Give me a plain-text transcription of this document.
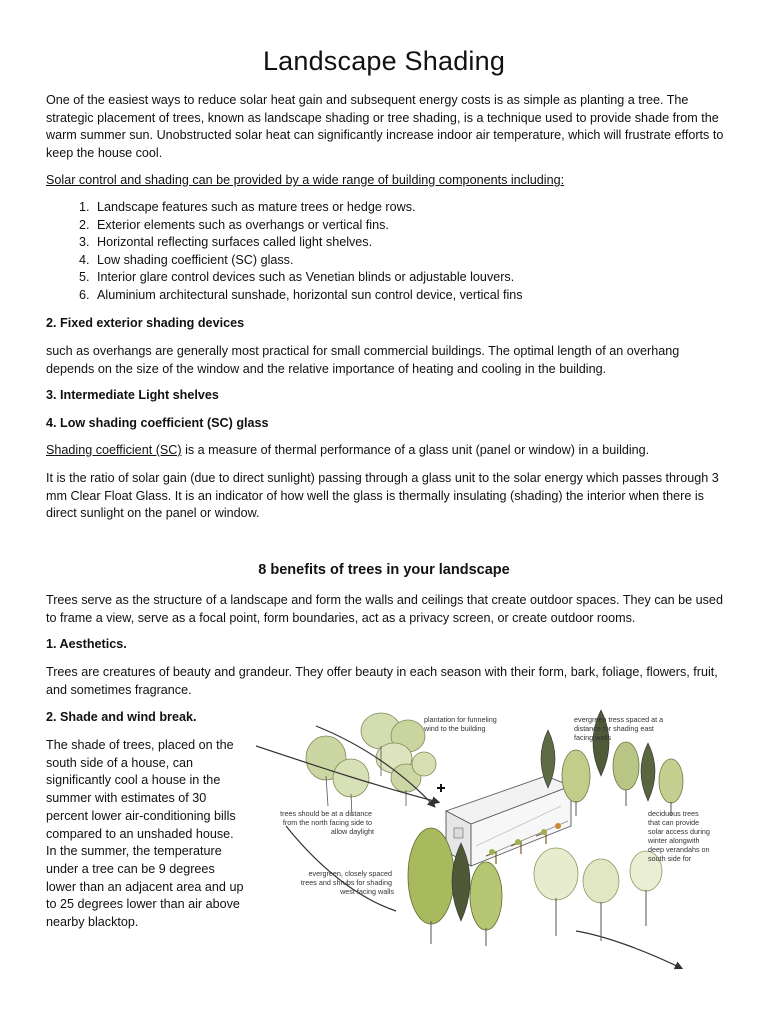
Landscape Shading

One of the easiest ways to reduce solar heat gain and subsequent energy costs is as simple as planting a tree. The strategic placement of trees, known as landscape shading or tree shading, is a technique used to provide shade from the warm summer sun. Unobstructed solar heat can significantly increase indoor air temperature, which will frustrate efforts to keep the house cool.

Solar control and shading can be provided by a wide range of building components including:

1. Landscape features such as mature trees or hedge rows.
2. Exterior elements such as overhangs or vertical fins.
3. Horizontal reflecting surfaces called light shelves.
4. Low shading coefficient (SC) glass.
5. Interior glare control devices such as Venetian blinds or adjustable louvers.
6. Aluminium architectural sunshade, horizontal sun control device, vertical fins

2. Fixed exterior shading devices

such as overhangs are generally most practical for small commercial buildings. The optimal length of an overhang depends on the size of the window and the relative importance of heating and cooling in the building.

3. Intermediate Light shelves

4. Low shading coefficient (SC) glass

Shading coefficient (SC) is a measure of thermal performance of a glass unit (panel or window) in a building.

It is the ratio of solar gain (due to direct sunlight) passing through a glass unit to the solar energy which passes through 3 mm Clear Float Glass. It is an indicator of how well the glass is thermally insulating (shading) the interior when there is direct sunlight on the panel or window.

8 benefits of trees in your landscape

Trees serve as the structure of a landscape and form the walls and ceilings that create outdoor spaces. They can be used to frame a view, serve as a focal point, form boundaries, act as a privacy screen, or create outdoor rooms.

1. Aesthetics.

Trees are creatures of beauty and grandeur. They offer beauty in each season with their form, bark, foliage, flowers, fruit, and sometimes fragrance.

2. Shade and wind break.

The shade of trees, placed on the south side of a house, can significantly cool a house in the summer with estimates of 30 percent lower air-conditioning bills compared to an unshaded house. In the summer, the temperature under a tree can be 9 degrees lower than an adjacent area and up to 25 degrees lower than air above nearby blacktop.

plantation for funneling wind to the building
evergreen tress spaced at a distance for shading east facing walls
trees should be at a distance from the north facing side to allow daylight
deciduous trees that can provide solar access during winter alongwith deep verandahs on south side for
evergreen, closely spaced trees and shrubs for shading west facing walls
